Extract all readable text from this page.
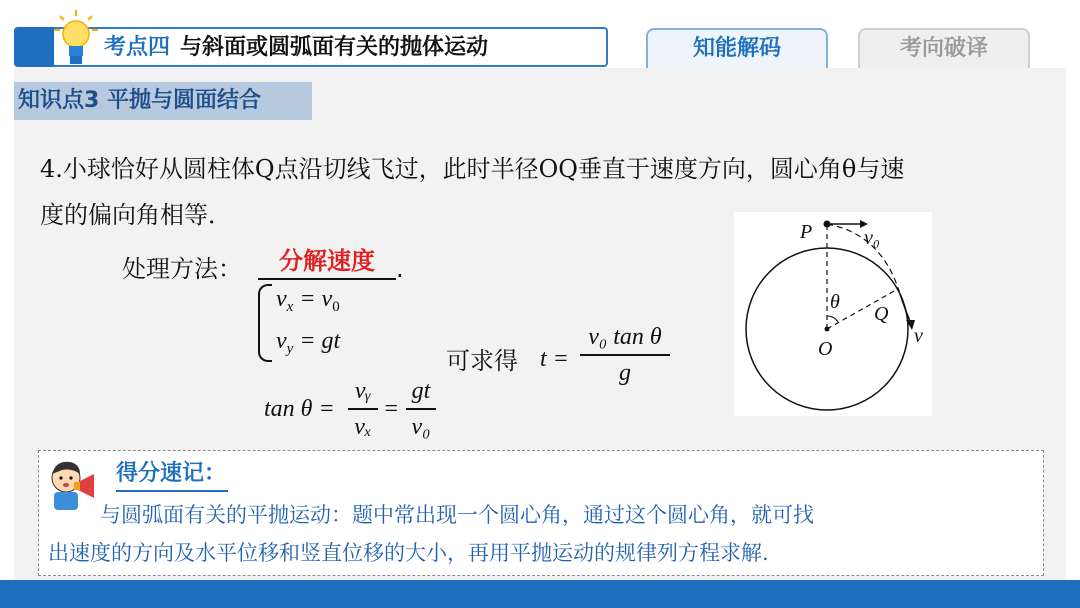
考点四 与斜面或圆弧面有关的抛体运动	知能解码	考向破译
知识点3 平抛与圆面结合
4.小球恰好从圆柱体Q点沿切线飞过，此时半径OQ垂直于速度方向，圆心角θ与速
度的偏向角相等．
处理方法：	分解速度 .
$v_x = v_0$
$v_y$ = gt
可求得 t =
v₀ tan θ
g
tan θ =
vᵧ
vₓ
=
gt
v₀
P	v₀
θ
Q
O
v
得分速记：
与圆弧面有关的平抛运动：题中常出现一个圆心角，通过这个圆心角，就可找
出速度的方向及水平位移和竖直位移的大小，再用平抛运动的规律列方程求解.
